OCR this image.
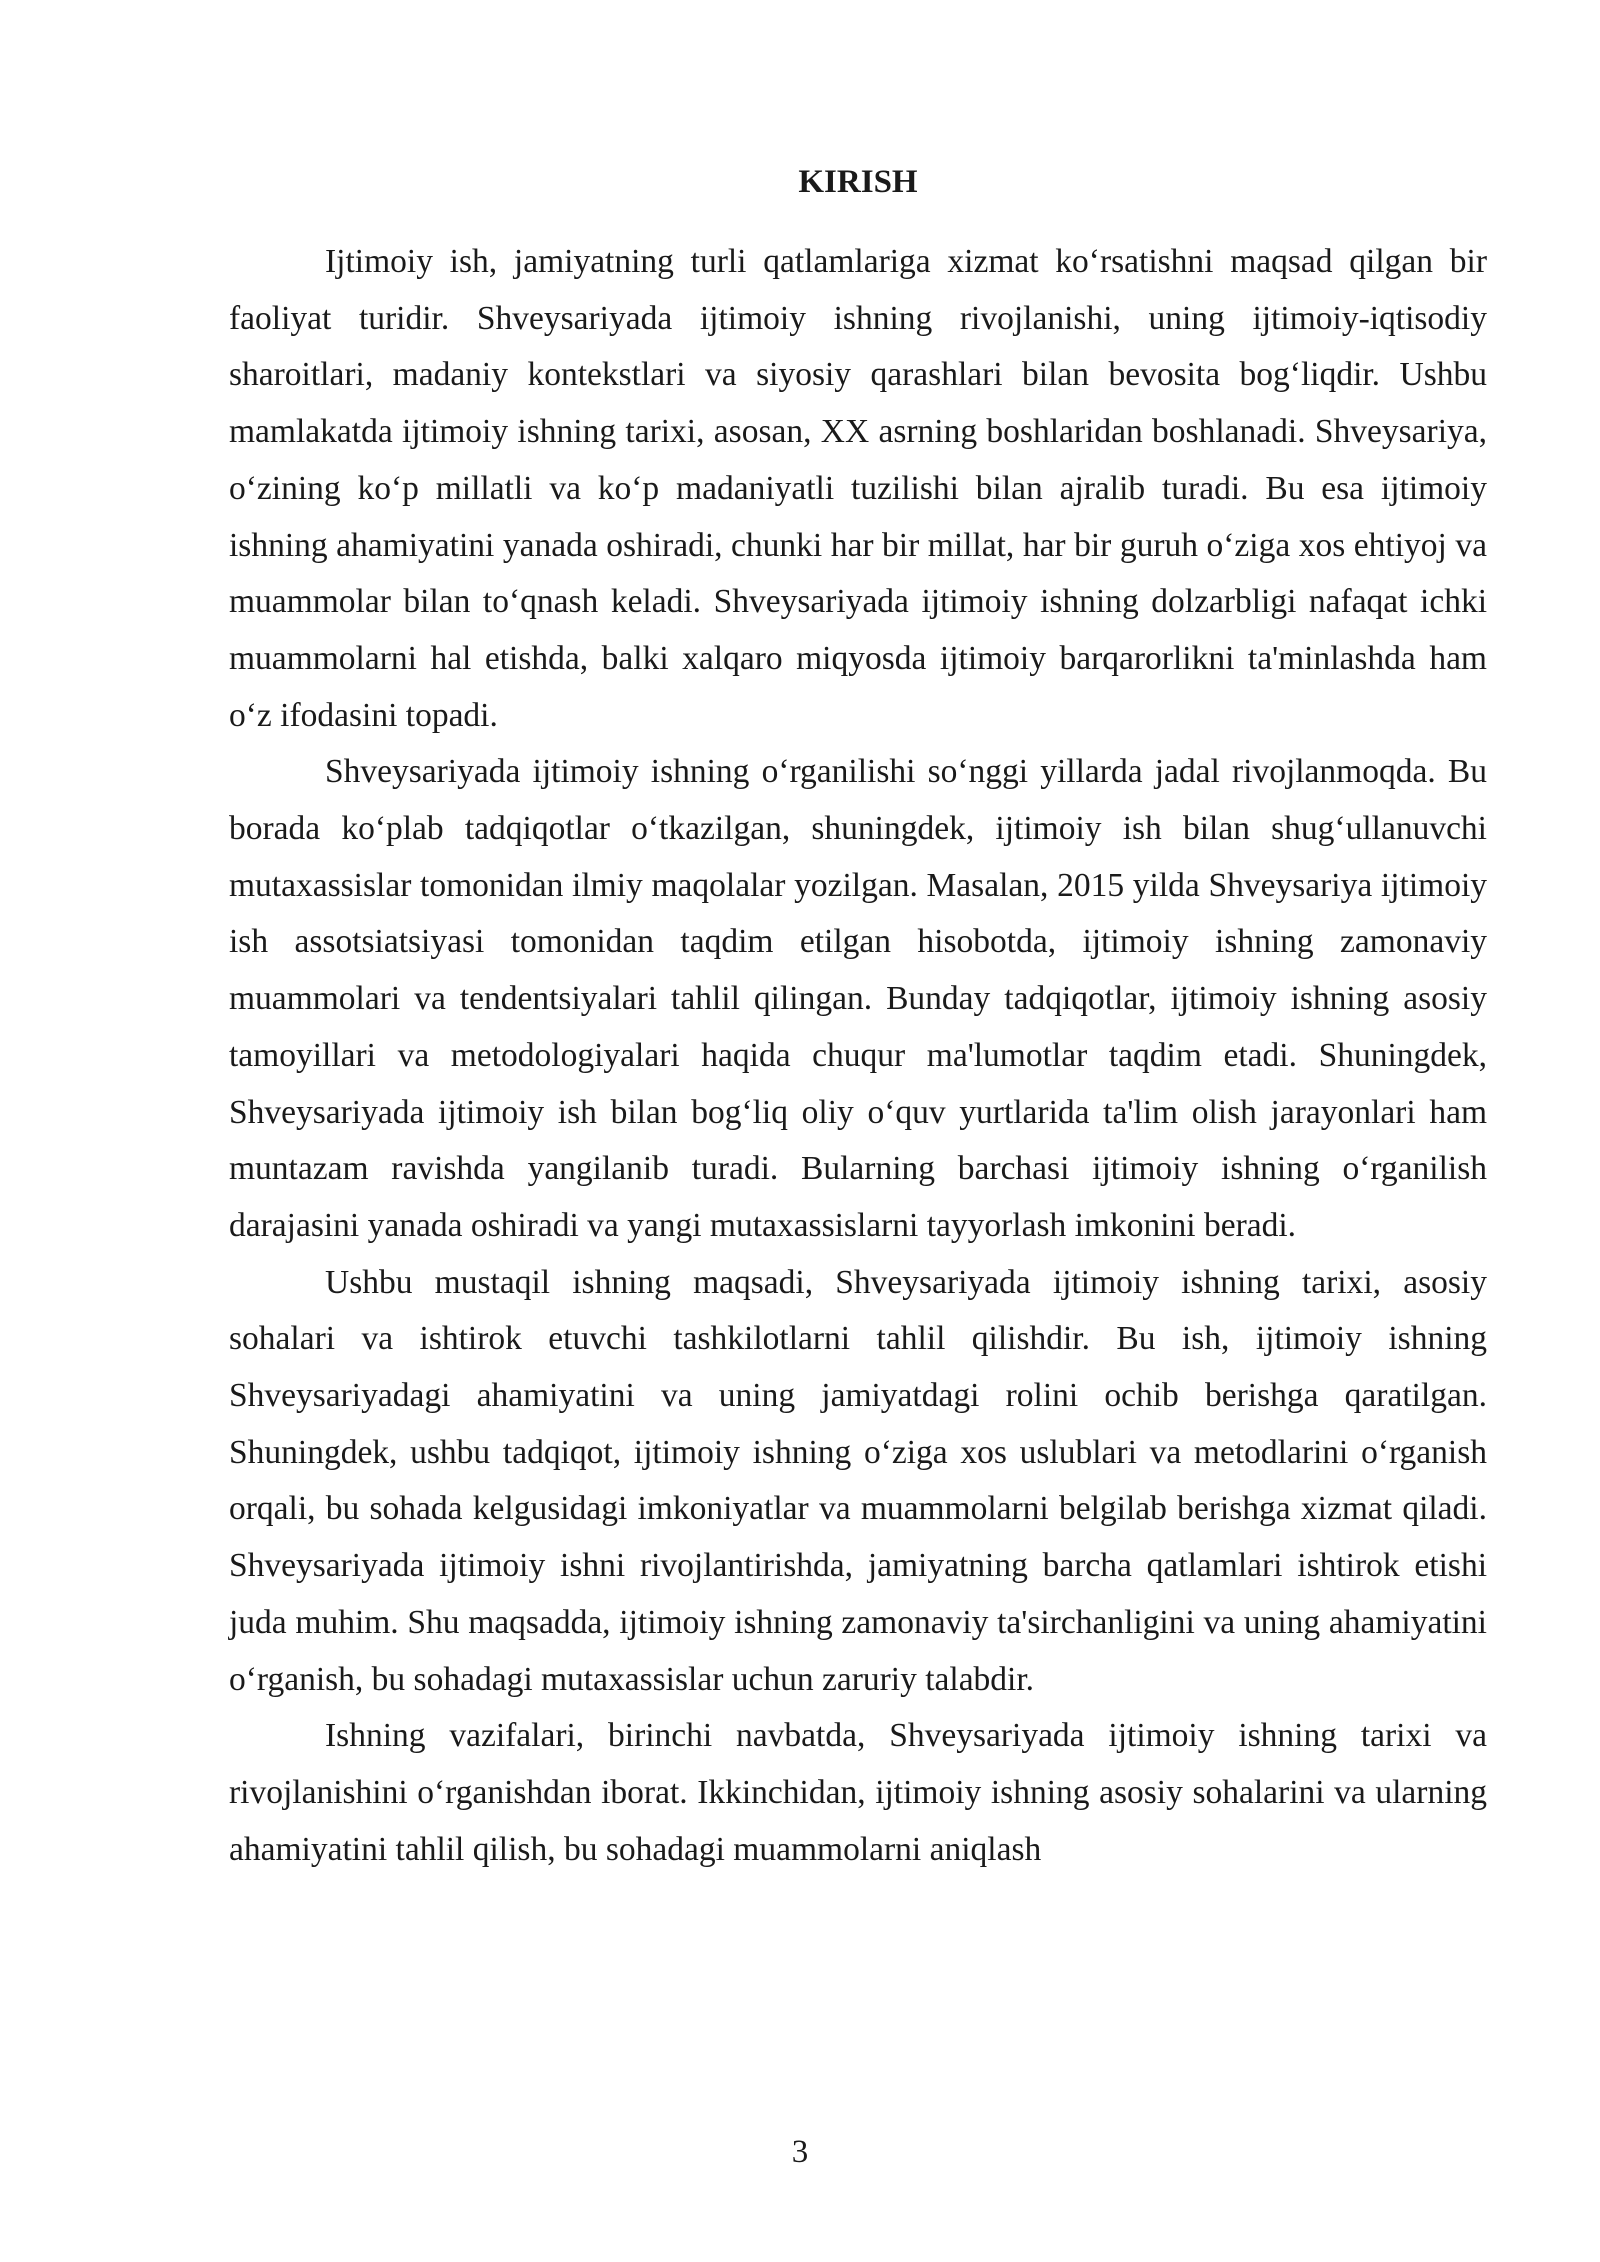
KIRISH

Ijtimoiy ish, jamiyatning turli qatlamlariga xizmat ko‘rsatishni maqsad qilgan bir faoliyat turidir. Shveysariyada ijtimoiy ishning rivojlanishi, uning ijtimoiy-iqtisodiy sharoitlari, madaniy kontekstlari va siyosiy qarashlari bilan bevosita bog‘liqdir. Ushbu mamlakatda ijtimoiy ishning tarixi, asosan, XX asrning boshlaridan boshlanadi. Shveysariya, o‘zining ko‘p millatli va ko‘p madaniyatli tuzilishi bilan ajralib turadi. Bu esa ijtimoiy ishning ahamiyatini yanada oshiradi, chunki har bir millat, har bir guruh o‘ziga xos ehtiyoj va muammolar bilan to‘qnash keladi. Shveysariyada ijtimoiy ishning dolzarbligi nafaqat ichki muammolarni hal etishda, balki xalqaro miqyosda ijtimoiy barqarorlikni ta'minlashda ham o‘z ifodasini topadi.

Shveysariyada ijtimoiy ishning o‘rganilishi so‘nggi yillarda jadal rivojlanmoqda. Bu borada ko‘plab tadqiqotlar o‘tkazilgan, shuningdek, ijtimoiy ish bilan shug‘ullanuvchi mutaxassislar tomonidan ilmiy maqolalar yozilgan. Masalan, 2015 yilda Shveysariya ijtimoiy ish assotsiatsiyasi tomonidan taqdim etilgan hisobotda, ijtimoiy ishning zamonaviy muammolari va tendentsiyalari tahlil qilingan. Bunday tadqiqotlar, ijtimoiy ishning asosiy tamoyillari va metodologiyalari haqida chuqur ma'lumotlar taqdim etadi. Shuningdek, Shveysariyada ijtimoiy ish bilan bog‘liq oliy o‘quv yurtlarida ta'lim olish jarayonlari ham muntazam ravishda yangilanib turadi. Bularning barchasi ijtimoiy ishning o‘rganilish darajasini yanada oshiradi va yangi mutaxassislarni tayyorlash imkonini beradi.

Ushbu mustaqil ishning maqsadi, Shveysariyada ijtimoiy ishning tarixi, asosiy sohalari va ishtirok etuvchi tashkilotlarni tahlil qilishdir. Bu ish, ijtimoiy ishning Shveysariyadagi ahamiyatini va uning jamiyatdagi rolini ochib berishga qaratilgan. Shuningdek, ushbu tadqiqot, ijtimoiy ishning o‘ziga xos uslublari va metodlarini o‘rganish orqali, bu sohada kelgusidagi imkoniyatlar va muammolarni belgilab berishga xizmat qiladi. Shveysariyada ijtimoiy ishni rivojlantirishda, jamiyatning barcha qatlamlari ishtirok etishi juda muhim. Shu maqsadda, ijtimoiy ishning zamonaviy ta'sirchanligini va uning ahamiyatini o‘rganish, bu sohadagi mutaxassislar uchun zaruriy talabdir.

Ishning vazifalari, birinchi navbatda, Shveysariyada ijtimoiy ishning tarixi va rivojlanishini o‘rganishdan iborat. Ikkinchidan, ijtimoiy ishning asosiy sohalarini va ularning ahamiyatini tahlil qilish, bu sohadagi muammolarni aniqlash

3
